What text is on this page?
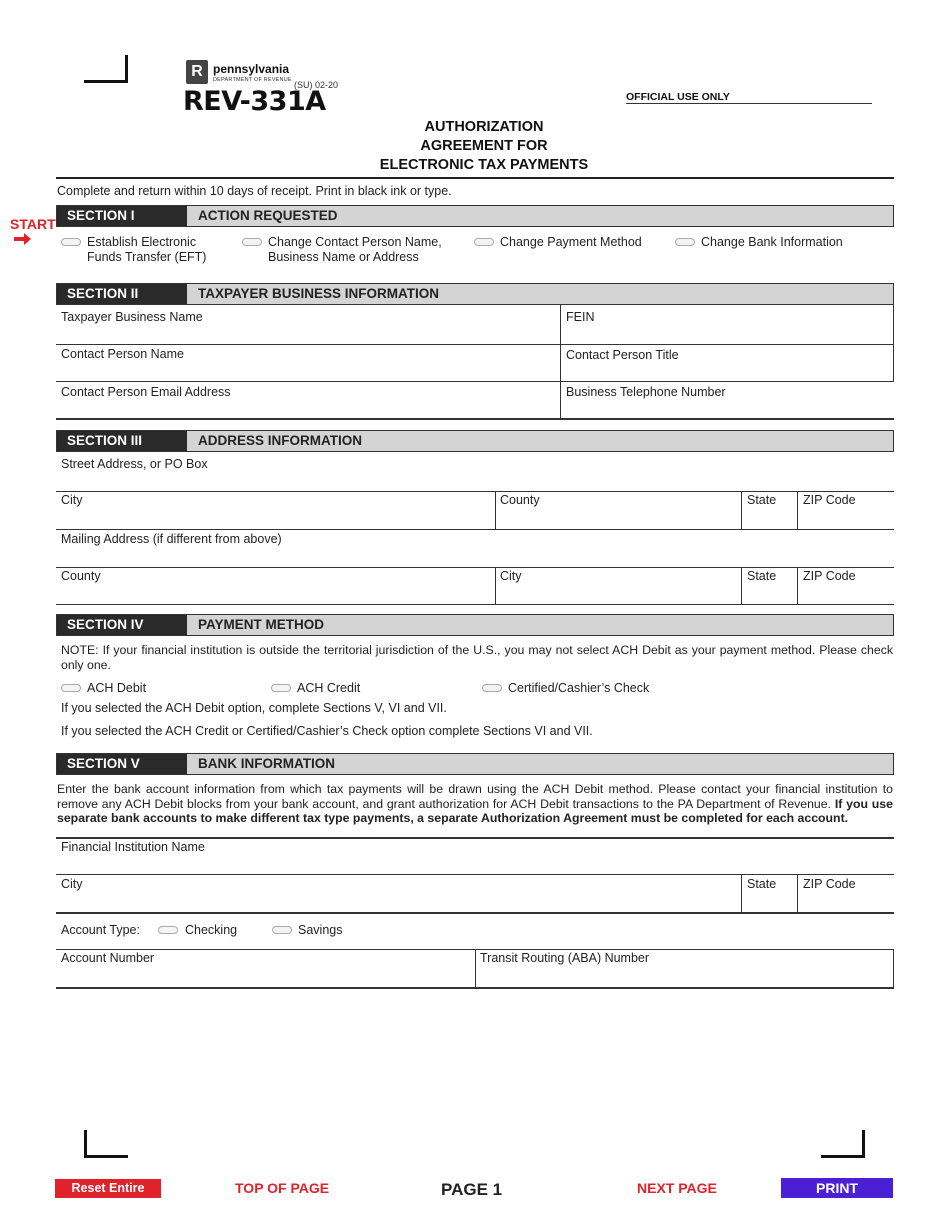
R pennsylvania
DEPARTMENT OF REVENUE (SU) 02-20
REV-331A	OFFICIAL USE ONLY
AUTHORIZATION
AGREEMENT FOR
ELECTRONIC TAX PAYMENTS
Complete and return within 10 days of receipt. Print in black ink or type.
START
SECTION I	ACTION REQUESTED
Establish Electronic
Funds Transfer (EFT)
Change Contact Person Name,
Business Name or Address
Change Payment Method	Change Bank Information
SECTION II	TAXPAYER BUSINESS INFORMATION
Taxpayer Business Name	FEIN
Contact Person Name	Contact Person Title
Contact Person Email Address	Business Telephone Number
SECTION III	ADDRESS INFORMATION
Street Address, or PO Box
City	County	State ZIP Code
Mailing Address (if different from above)
County	City	State ZIP Code
SECTION IV	PAYMENT METHOD
NOTE: If your financial institution is outside the territorial jurisdiction of the U.S., you may not select ACH Debit as your payment method. Please check only one.
ACH Debit	ACH Credit	Certified/Cashier’s Check
If you selected the ACH Debit option, complete Sections V, VI and VII.
If you selected the ACH Credit or Certified/Cashier’s Check option complete Sections VI and VII.
SECTION V	BANK INFORMATION
Enter the bank account information from which tax payments will be drawn using the ACH Debit method. Please contact your financial institution to remove any ACH Debit blocks from your bank account, and grant authorization for ACH Debit transactions to the PA Department of Revenue. If you use separate bank accounts to make different tax type payments, a separate Authorization Agreement must be completed for each account.
Financial Institution Name
City	State ZIP Code
Account Type:	Checking	Savings
Account Number	Transit Routing (ABA) Number
Reset Entire Form
TOP OF PAGE	PAGE 1	NEXT PAGE	PRINT
